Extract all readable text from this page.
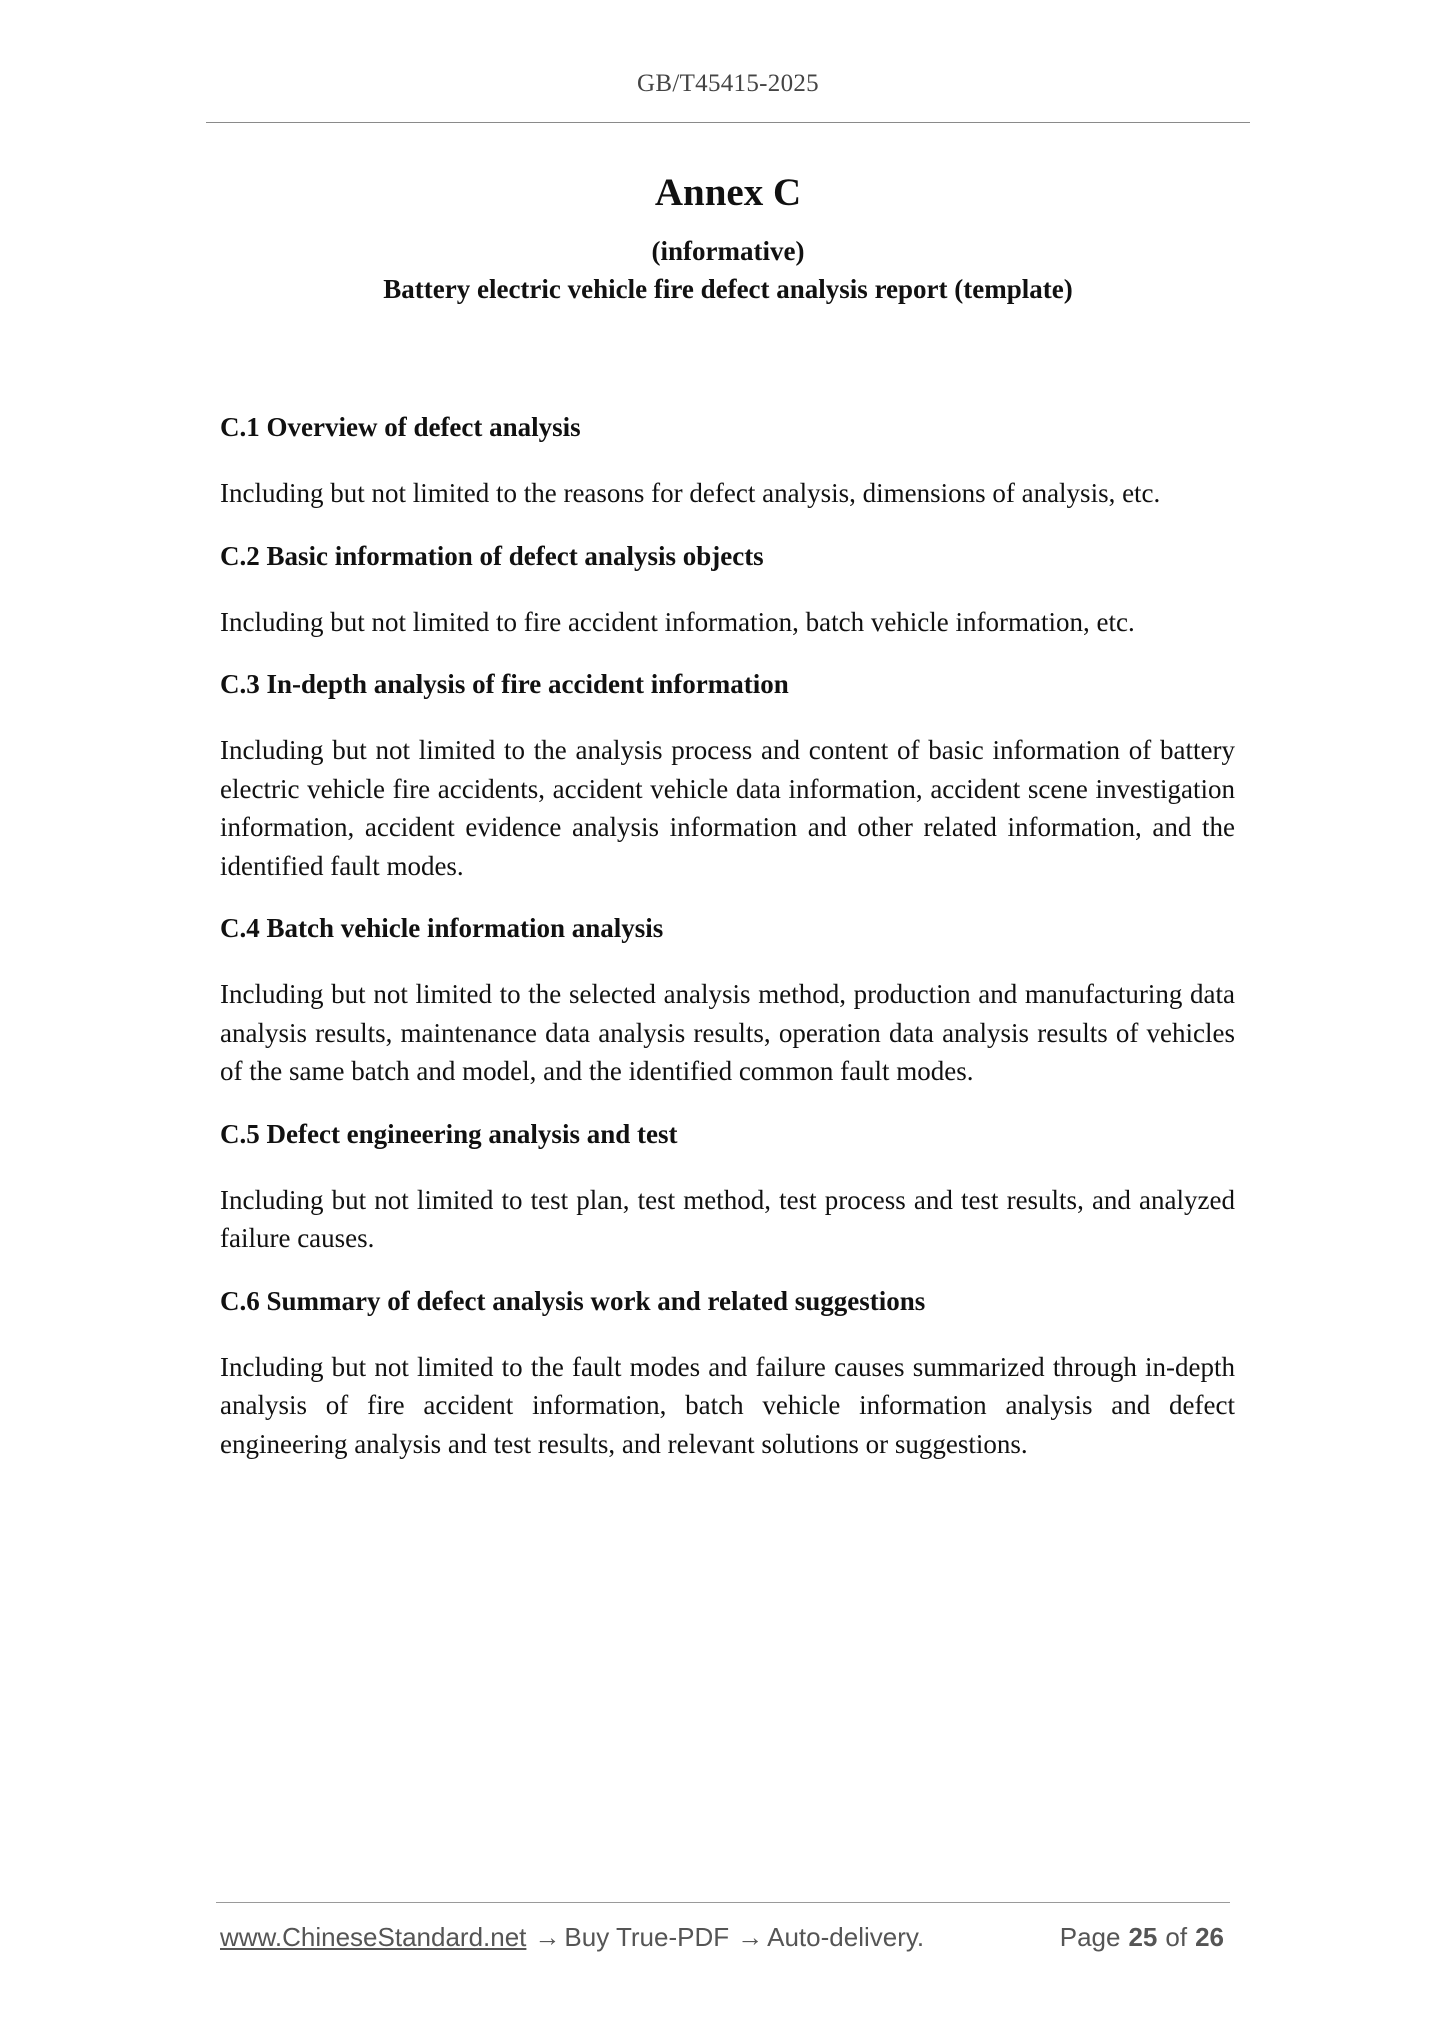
GB/T45415-2025
Annex C
(informative)
Battery electric vehicle fire defect analysis report (template)
C.1 Overview of defect analysis
Including but not limited to the reasons for defect analysis, dimensions of analysis, etc.
C.2 Basic information of defect analysis objects
Including but not limited to fire accident information, batch vehicle information, etc.
C.3 In-depth analysis of fire accident information
Including but not limited to the analysis process and content of basic information of battery electric vehicle fire accidents, accident vehicle data information, accident scene investigation information, accident evidence analysis information and other related information, and the identified fault modes.
C.4 Batch vehicle information analysis
Including but not limited to the selected analysis method, production and manufacturing data analysis results, maintenance data analysis results, operation data analysis results of vehicles of the same batch and model, and the identified common fault modes.
C.5 Defect engineering analysis and test
Including but not limited to test plan, test method, test process and test results, and analyzed failure causes.
C.6 Summary of defect analysis work and related suggestions
Including but not limited to the fault modes and failure causes summarized through in-depth analysis of fire accident information, batch vehicle information analysis and defect engineering analysis and test results, and relevant solutions or suggestions.
www.ChineseStandard.net → Buy True-PDF → Auto-delivery.	Page 25 of 26
